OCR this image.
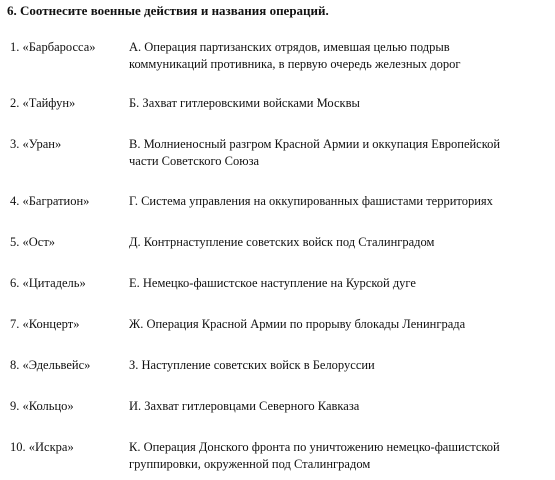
6. Соотнесите военные действия и названия операций.
1. «Барбаросса»	А. Операция партизанских отрядов, имевшая целью подрыв коммуникаций противника, в первую очередь железных дорог
2. «Тайфун»	Б. Захват гитлеровскими войсками Москвы
3. «Уран»	В. Молниеносный разгром Красной Армии и оккупация Европейской части Советского Союза
4. «Багратион»	Г. Система управления на оккупированных фашистами территориях
5. «Ост»	Д. Контрнаступление советских войск под Сталинградом
6. «Цитадель»	Е. Немецко-фашистское наступление на Курской дуге
7. «Концерт»	Ж. Операция Красной Армии по прорыву блокады Ленинграда
8. «Эдельвейс»	З. Наступление советских войск в Белоруссии
9. «Кольцо»	И. Захват гитлеровцами Северного Кавказа
10. «Искра»	К. Операция Донского фронта по уничтожению немецко-фашистской группировки, окруженной под Сталинградом
